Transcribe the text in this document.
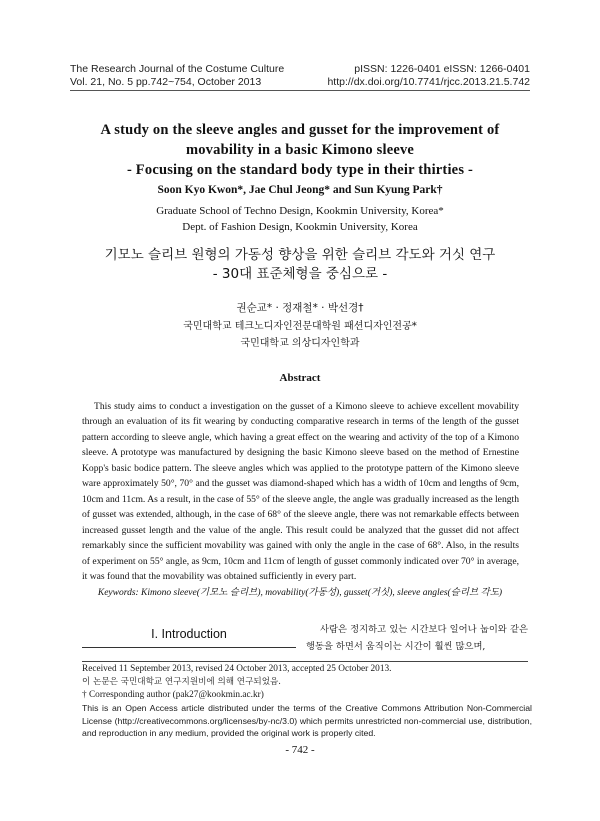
The Research Journal of the Costume Culture
Vol. 21, No. 5 pp.742~754, October 2013
pISSN: 1226-0401 eISSN: 1266-0401
http://dx.doi.org/10.7741/rjcc.2013.21.5.742
A study on the sleeve angles and gusset for the improvement of
movability in a basic Kimono sleeve
- Focusing on the standard body type in their thirties -
Soon Kyo Kwon*, Jae Chul Jeong* and Sun Kyung Park†
Graduate School of Techno Design, Kookmin University, Korea*
Dept. of Fashion Design, Kookmin University, Korea
기모노 슬리브 원형의 가동성 향상을 위한 슬리브 각도와 거싯 연구
- 30대 표준체형을 중심으로 -
권순교* · 정재철* · 박선경†
국민대학교 테크노디자인전문대학원 패션디자인전공*
국민대학교 의상디자인학과
Abstract

This study aims to conduct a investigation on the gusset of a Kimono sleeve to achieve excellent movability through an evaluation of its fit wearing by conducting comparative research in terms of the length of the gusset pattern according to sleeve angle, which having a great effect on the wearing and activity of the top of a Kimono sleeve. A prototype was manufactured by designing the basic Kimono sleeve based on the method of Ernestine Kopp's basic bodice pattern. The sleeve angles which was applied to the prototype pattern of the Kimono sleeve ware approximately 50°, 70° and the gusset was diamond-shaped which has a width of 10cm and lengths of 9cm, 10cm and 11cm. As a result, in the case of 55° of the sleeve angle, the angle was gradually increased as the length of gusset was extended, although, in the case of 68° of the sleeve angle, there was not remarkable effects between increased gusset length and the value of the angle. This result could be analyzed that the gusset did not affect remarkably since the sufficient movability was gained with only the angle in the case of 68°. Also, in the results of experiment on 55° angle, as 9cm, 10cm and 11cm of length of gusset commonly indicated over 70° in average, it was found that the movability was obtained sufficiently in every part.

Keywords: Kimono sleeve(기모노 슬리브), movability(가동성), gusset(거싯), sleeve angles(슬리브 각도)
I. Introduction	사람은 정지하고 있는 시간보다 일어나 눕이와 같은 행동을 하면서 움직이는 시간이 훨씬 많으며,

Received 11 September 2013, revised 24 October 2013, accepted 25 October 2013.

이 논문은 국민대학교 연구지원비에 의해 연구되었음.

† Corresponding author (pak27@kookmin.ac.kr)

This is an Open Access article distributed under the terms of the Creative Commons Attribution Non-Commercial License (http://creativecommons.org/licenses/by-nc/3.0) which permits unrestricted non-commercial use, distribution, and reproduction in any medium, provided the original work is properly cited.

- 742 -
